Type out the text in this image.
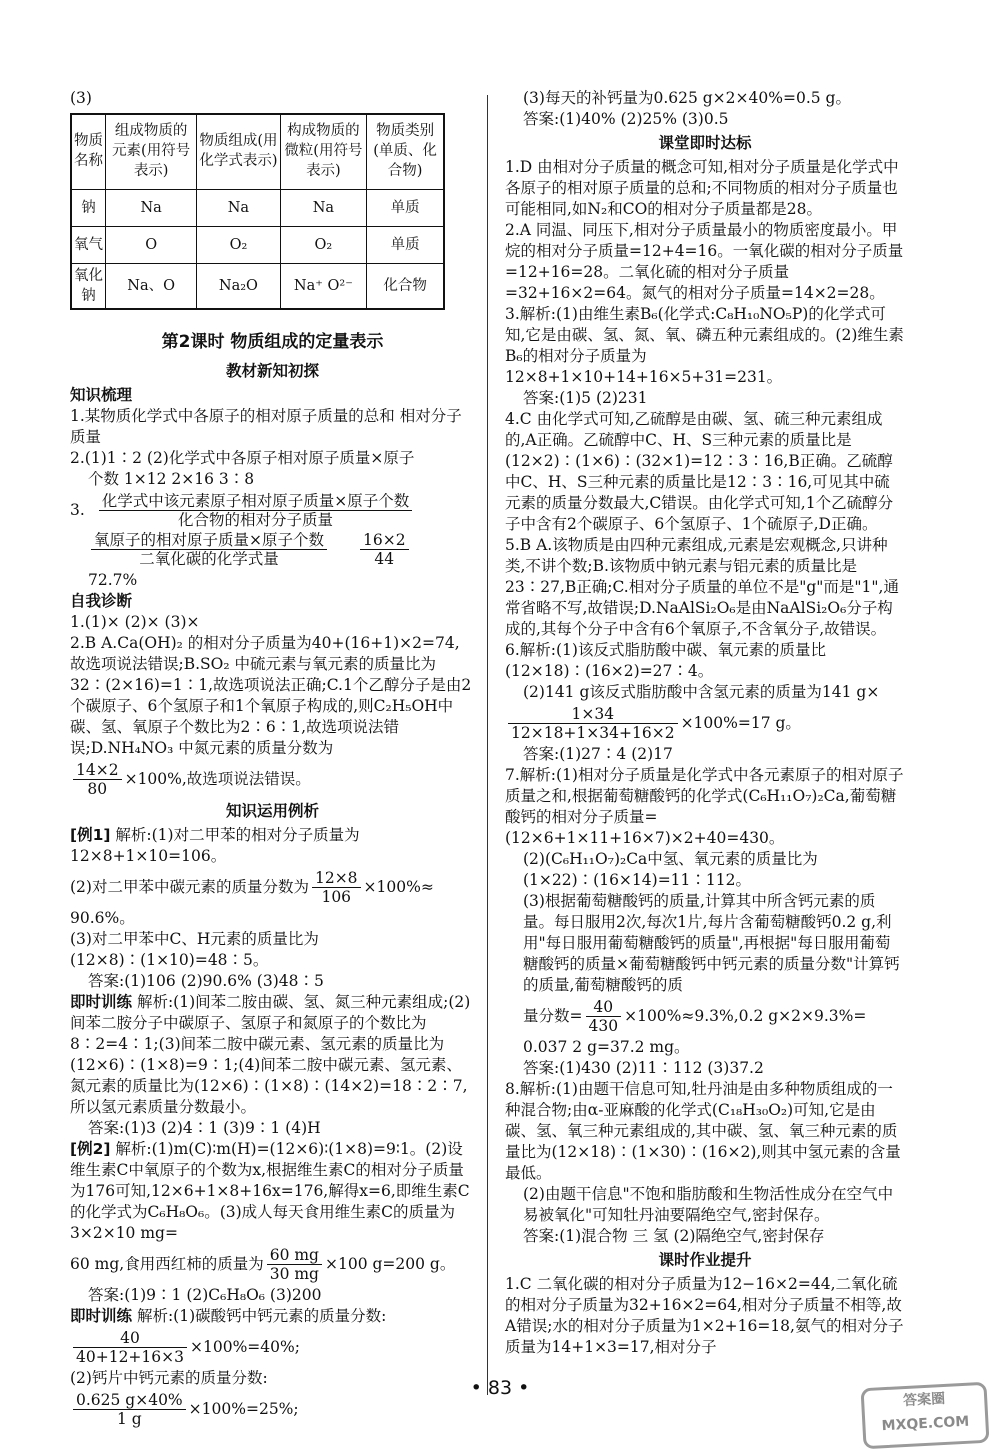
(3)

物质名称	组成物质的元素(用符号表示)	物质组成(用化学式表示)	构成物质的微粒(用符号表示)	物质类别(单质、化合物)
钠	Na	Na	Na	单质
氧气	O	O₂	O₂	单质
氧化钠	Na、O	Na₂O	Na⁺ O²⁻	化合物

第2课时 物质组成的定量表示

教材新知初探

知识梳理

1.某物质化学式中各原子的相对原子质量的总和 相对分子质量

2.(1)1∶2 (2)化学式中各原子相对原子质量×原子

个数 1×12 2×16 3∶8

3. $\frac{\text{化学式中该元素原子相对原子质量×原子个数}}{\text{化合物的相对分子质量}}$
$\frac{\text{氧原子的相对原子质量×原子个数}}{\text{二氧化碳的化学式量}} \frac{16\times 2}{44}$

72.7%

自我诊断

1.(1)× (2)× (3)×

2.B A.Ca(OH)₂ 的相对分子质量为40+(16+1)×2=74,故选项说法错误;B.SO₂ 中硫元素与氧元素的质量比为32∶(2×16)=1∶1,故选项说法正确;C.1个乙醇分子是由2个碳原子、6个氢原子和1个氧原子构成的,则C₂H₅OH中碳、氢、氧原子个数比为2∶6∶1,故选项说法错误;D.NH₄NO₃ 中氮元素的质量分数为

$\frac{14\times 2}{80} \times 100\%$,故选项说法错误。

知识运用例析

[例1] 解析:(1)对二甲苯的相对分子质量为12×8+1×10=106。

(2)对二甲苯中碳元素的质量分数为 $\frac{12\times 8}{106} \times 100\%\approx$

90.6%。

(3)对二甲苯中C、H元素的质量比为(12×8)∶(1×10)=48∶5。

答案:(1)106 (2)90.6% (3)48∶5

即时训练 解析:(1)间苯二胺由碳、氢、氮三种元素组成;(2)间苯二胺分子中碳原子、氢原子和氮原子的个数比为8∶2=4∶1;(3)间苯二胺中碳元素、氢元素的质量比为(12×6)∶(1×8)=9∶1;(4)间苯二胺中碳元素、氢元素、氮元素的质量比为(12×6)∶(1×8)∶(14×2)=18∶2∶7,所以氢元素质量分数最小。

答案:(1)3 (2)4∶1 (3)9∶1 (4)H

[例2] 解析:(1)m(C)∶m(H)=(12×6)∶(1×8)=9∶1。(2)设维生素C中氧原子的个数为x,根据维生素C的相对分子质量为176可知,12×6+1×8+16x=176,解得x=6,即维生素C的化学式为C₆H₈O₆。(3)成人每天食用维生素C的质量为3×2×10 mg=

60 mg,食用西红柿的质量为 $\frac{60 mg}{30 mg} \times 100$ g=200 g。

答案:(1)9∶1 (2)C₆H₈O₆ (3)200

即时训练 解析:(1)碳酸钙中钙元素的质量分数:

$\frac{40}{40+12+16\times 3} \times 100\%=40\%$;

(2)钙片中钙元素的质量分数:

$\frac{0.625 g\times 40\%}{1 g} \times 100\%=25\%$;

(3)每天的补钙量为0.625 g×2×40%=0.5 g。

答案:(1)40% (2)25% (3)0.5

课堂即时达标

1.D 由相对分子质量的概念可知,相对分子质量是化学式中各原子的相对原子质量的总和;不同物质的相对分子质量也可能相同,如N₂和CO的相对分子质量都是28。

2.A 同温、同压下,相对分子质量最小的物质密度最小。甲烷的相对分子质量=12+4=16。一氧化碳的相对分子质量=12+16=28。二氧化硫的相对分子质量=32+16×2=64。氮气的相对分子质量=14×2=28。

3.解析:(1)由维生素B₆(化学式:C₈H₁₀NO₅P)的化学式可知,它是由碳、氢、氮、氧、磷五种元素组成的。(2)维生素B₆的相对分子质量为12×8+1×10+14+16×5+31=231。

答案:(1)5 (2)231

4.C 由化学式可知,乙硫醇是由碳、氢、硫三种元素组成的,A正确。乙硫醇中C、H、S三种元素的质量比是(12×2)∶(1×6)∶(32×1)=12∶3∶16,B正确。乙硫醇中C、H、S三种元素的质量比是12∶3∶16,可见其中硫元素的质量分数最大,C错误。由化学式可知,1个乙硫醇分子中含有2个碳原子、6个氢原子、1个硫原子,D正确。

5.B A.该物质是由四种元素组成,元素是宏观概念,只讲种类,不讲个数;B.该物质中钠元素与铝元素的质量比是23∶27,B正确;C.相对分子质量的单位不是"g"而是"1",通常省略不写,故错误;D.NaAlSi₂O₆是由NaAlSi₂O₆分子构成的,其每个分子中含有6个氧原子,不含氧分子,故错误。

6.解析:(1)该反式脂肪酸中碳、氧元素的质量比(12×18)∶(16×2)=27∶4。

(2)141 g该反式脂肪酸中含氢元素的质量为141 g×

$\frac{1\times 34}{12\times 18+1\times 34+16\times 2} \times 100\%=17$ g。

答案:(1)27∶4 (2)17

7.解析:(1)相对分子质量是化学式中各元素原子的相对原子质量之和,根据葡萄糖酸钙的化学式(C₆H₁₁O₇)₂Ca,葡萄糖酸钙的相对分子质量=(12×6+1×11+16×7)×2+40=430。

(2)(C₆H₁₁O₇)₂Ca中氢、氧元素的质量比为(1×22)∶(16×14)=11∶112。

(3)根据葡萄糖酸钙的质量,计算其中所含钙元素的质量。每日服用2次,每次1片,每片含葡萄糖酸钙0.2 g,利用"每日服用葡萄糖酸钙的质量",再根据"每日服用葡萄糖酸钙的质量×葡萄糖酸钙中钙元素的质量分数"计算钙的质量,葡萄糖酸钙的质

量分数= $\frac{40}{430} \times 100\%\approx 9.3\%,0.2$ g×2×9.3%=

0.037 2 g=37.2 mg。

答案:(1)430 (2)11∶112 (3)37.2

8.解析:(1)由题干信息可知,牡丹油是由多种物质组成的一种混合物;由α-亚麻酸的化学式(C₁₈H₃₀O₂)可知,它是由碳、氢、氧三种元素组成的,其中碳、氢、氧三种元素的质量比为(12×18)∶(1×30)∶(16×2),则其中氢元素的含量最低。

(2)由题干信息"不饱和脂肪酸和生物活性成分在空气中易被氧化"可知牡丹油要隔绝空气,密封保存。

答案:(1)混合物 三 氢 (2)隔绝空气,密封保存

课时作业提升

1.C 二氧化碳的相对分子质量为12−16×2=44,二氧化硫的相对分子质量为32+16×2=64,相对分子质量不相等,故A错误;水的相对分子质量为1×2+16=18,氨气的相对分子质量为14+1×3=17,相对分子

• 83 •
答案圈 MXQE.COM
